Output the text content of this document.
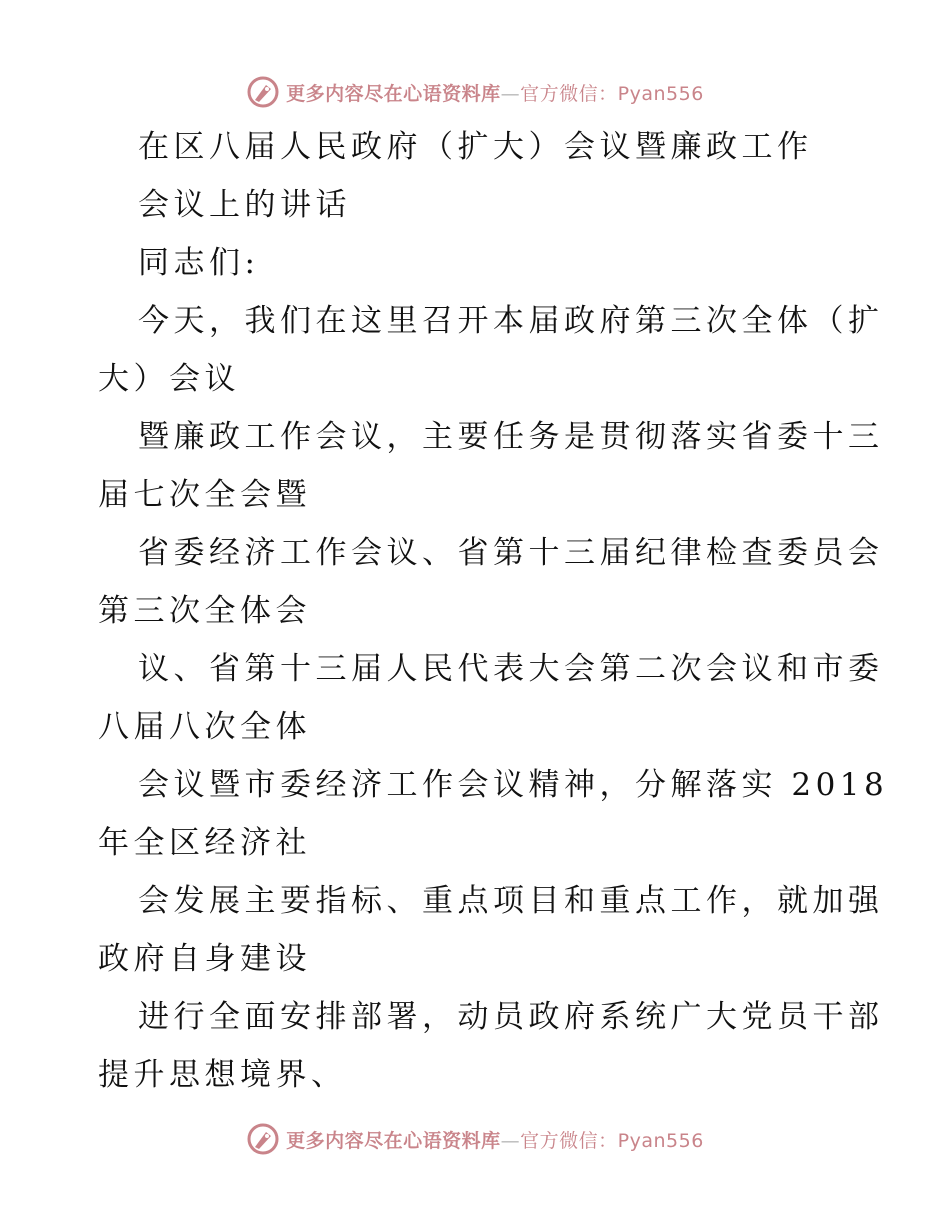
更多内容尽在心语资料库—官方微信：Pyan556
在区八届人民政府（扩大）会议暨廉政工作
会议上的讲话
同志们:
今天，我们在这里召开本届政府第三次全体（扩
大）会议
暨廉政工作会议，主要任务是贯彻落实省委十三
届七次全会暨
省委经济工作会议、省第十三届纪律检查委员会
第三次全体会
议、省第十三届人民代表大会第二次会议和市委
八届八次全体
会议暨市委经济工作会议精神，分解落实 2018
年全区经济社
会发展主要指标、重点项目和重点工作，就加强
政府自身建设
进行全面安排部署，动员政府系统广大党员干部
提升思想境界、
更多内容尽在心语资料库—官方微信：Pyan556
